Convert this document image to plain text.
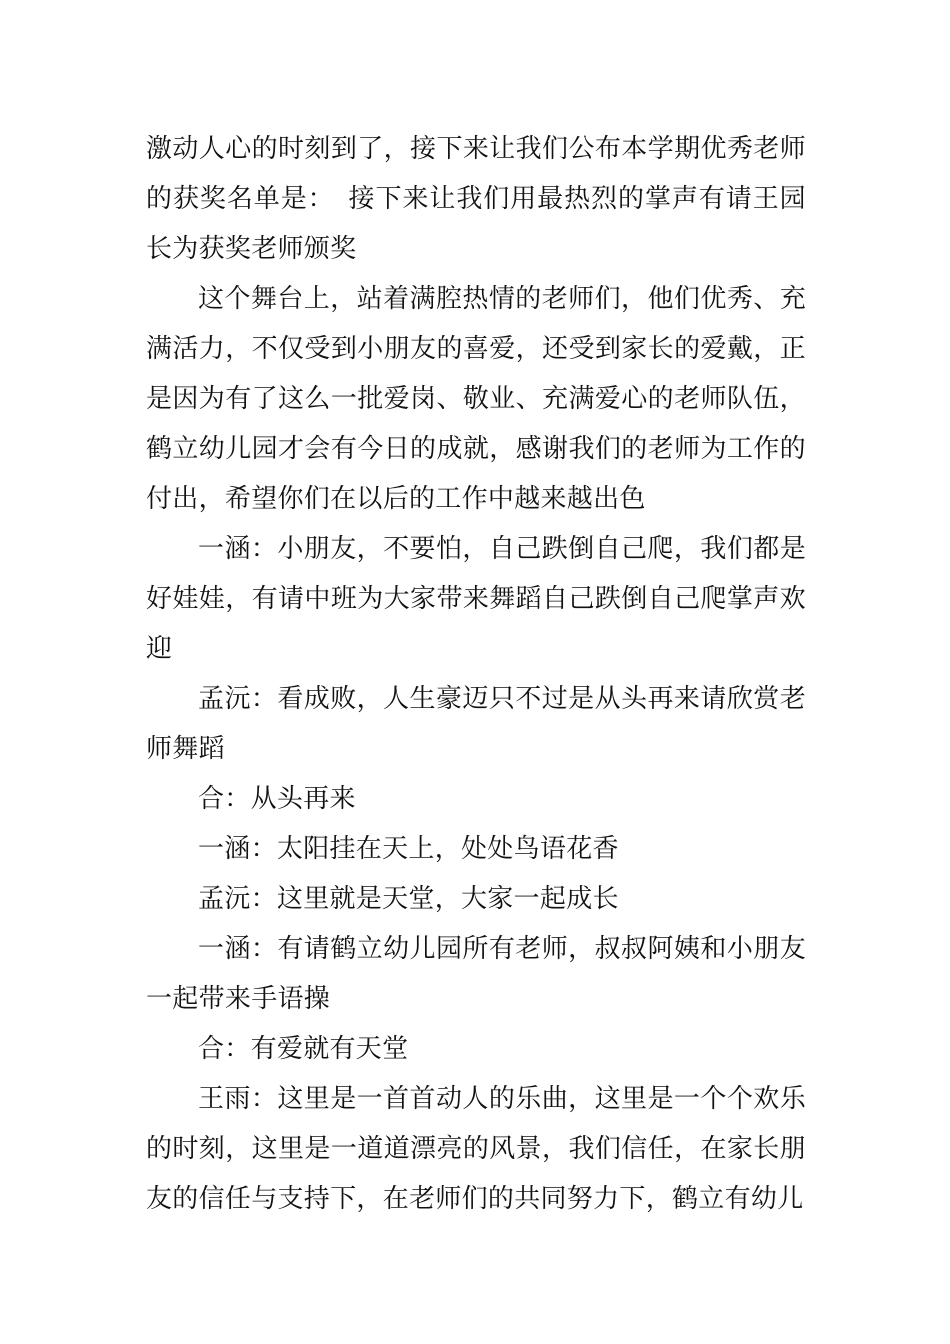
激动人心的时刻到了，接下来让我们公布本学期优秀老师的获奖名单是：　接下来让我们用最热烈的掌声有请王园长为获奖老师颁奖

这个舞台上，站着满腔热情的老师们，他们优秀、充满活力，不仅受到小朋友的喜爱，还受到家长的爱戴，正是因为有了这么一批爱岗、敬业、充满爱心的老师队伍，鹤立幼儿园才会有今日的成就，感谢我们的老师为工作的付出，希望你们在以后的工作中越来越出色

一涵：小朋友，不要怕，自己跌倒自己爬，我们都是好娃娃，有请中班为大家带来舞蹈自己跌倒自己爬掌声欢迎

孟沅：看成败，人生豪迈只不过是从头再来请欣赏老师舞蹈

合：从头再来

一涵：太阳挂在天上，处处鸟语花香

孟沅：这里就是天堂，大家一起成长

一涵：有请鹤立幼儿园所有老师，叔叔阿姨和小朋友一起带来手语操

合：有爱就有天堂

王雨：这里是一首首动人的乐曲，这里是一个个欢乐的时刻，这里是一道道漂亮的风景，我们信任，在家长朋友的信任与支持下，在老师们的共同努力下，鹤立有幼儿
